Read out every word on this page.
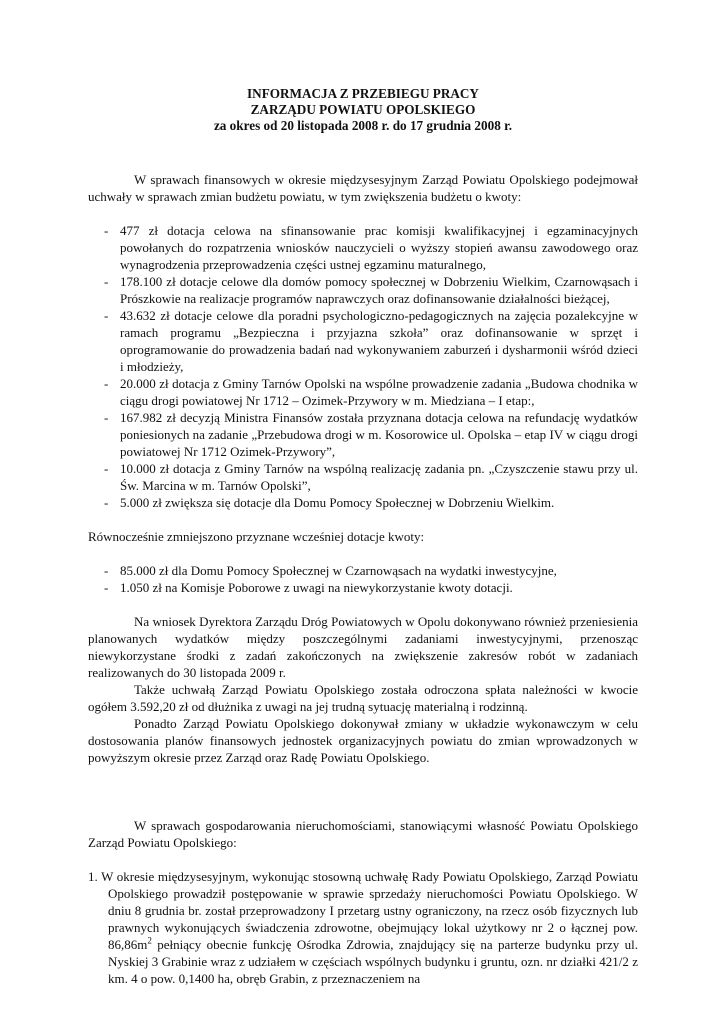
INFORMACJA Z PRZEBIEGU PRACY
ZARZĄDU POWIATU OPOLSKIEGO
za okres od 20 listopada 2008 r. do 17 grudnia 2008 r.

W sprawach finansowych w okresie międzysesyjnym Zarząd Powiatu Opolskiego podejmował uchwały w sprawach zmian budżetu powiatu, w tym zwiększenia budżetu o kwoty:

- 477 zł dotacja celowa na sfinansowanie prac komisji kwalifikacyjnej i egzaminacyjnych powołanych do rozpatrzenia wniosków nauczycieli o wyższy stopień awansu zawodowego oraz wynagrodzenia przeprowadzenia części ustnej egzaminu maturalnego,
- 178.100 zł dotacje celowe dla domów pomocy społecznej w Dobrzeniu Wielkim, Czarnowąsach i Prószkowie na realizacje programów naprawczych oraz dofinansowanie działalności bieżącej,
- 43.632 zł dotacje celowe dla poradni psychologiczno-pedagogicznych na zajęcia pozalekcyjne w ramach programu „Bezpieczna i przyjazna szkoła” oraz dofinansowanie w sprzęt i oprogramowanie do prowadzenia badań nad wykonywaniem zaburzeń i dysharmonii wśród dzieci i młodzieży,
- 20.000 zł dotacja z Gminy Tarnów Opolski na wspólne prowadzenie zadania „Budowa chodnika w ciągu drogi powiatowej Nr 1712 – Ozimek-Przywory w m. Miedziana – I etap:,
- 167.982 zł decyzją Ministra Finansów została przyznana dotacja celowa na refundację wydatków poniesionych na zadanie „Przebudowa drogi w m. Kosorowice ul. Opolska – etap IV w ciągu drogi powiatowej Nr 1712 Ozimek-Przywory”,
- 10.000 zł dotacja z Gminy Tarnów na wspólną realizację zadania pn. „Czyszczenie stawu przy ul. Św. Marcina w m. Tarnów Opolski”,
- 5.000 zł zwiększa się dotacje dla Domu Pomocy Społecznej w Dobrzeniu Wielkim.

Równocześnie zmniejszono przyznane wcześniej dotacje kwoty:

- 85.000 zł dla Domu Pomocy Społecznej w Czarnowąsach na wydatki inwestycyjne,
- 1.050 zł na Komisje Poborowe z uwagi na niewykorzystanie kwoty dotacji.

Na wniosek Dyrektora Zarządu Dróg Powiatowych w Opolu dokonywano również przeniesienia planowanych wydatków między poszczególnymi zadaniami inwestycyjnymi, przenosząc niewykorzystane środki z zadań zakończonych na zwiększenie zakresów robót w zadaniach realizowanych do 30 listopada 2009 r.

Także uchwałą Zarząd Powiatu Opolskiego została odroczona spłata należności w kwocie ogółem 3.592,20 zł od dłużnika z uwagi na jej trudną sytuację materialną i rodzinną.

Ponadto Zarząd Powiatu Opolskiego dokonywał zmiany w układzie wykonawczym w celu dostosowania planów finansowych jednostek organizacyjnych powiatu do zmian wprowadzonych w powyższym okresie przez Zarząd oraz Radę Powiatu Opolskiego.

W sprawach gospodarowania nieruchomościami, stanowiącymi własność Powiatu Opolskiego Zarząd Powiatu Opolskiego:

1. W okresie międzysesyjnym, wykonując stosowną uchwałę Rady Powiatu Opolskiego, Zarząd Powiatu Opolskiego prowadził postępowanie w sprawie sprzedaży nieruchomości Powiatu Opolskiego. W dniu 8 grudnia br. został przeprowadzony I przetarg ustny ograniczony, na rzecz osób fizycznych lub prawnych wykonujących świadczenia zdrowotne, obejmujący lokal użytkowy nr 2 o łącznej pow. $86,86m^2$ pełniący obecnie funkcję Ośrodka Zdrowia, znajdujący się na parterze budynku przy ul. Nyskiej 3 Grabinie wraz z udziałem w częściach wspólnych budynku i gruntu, ozn. nr działki 421/2 z km. 4 o pow. 0,1400 ha, obręb Grabin, z przeznaczeniem na
